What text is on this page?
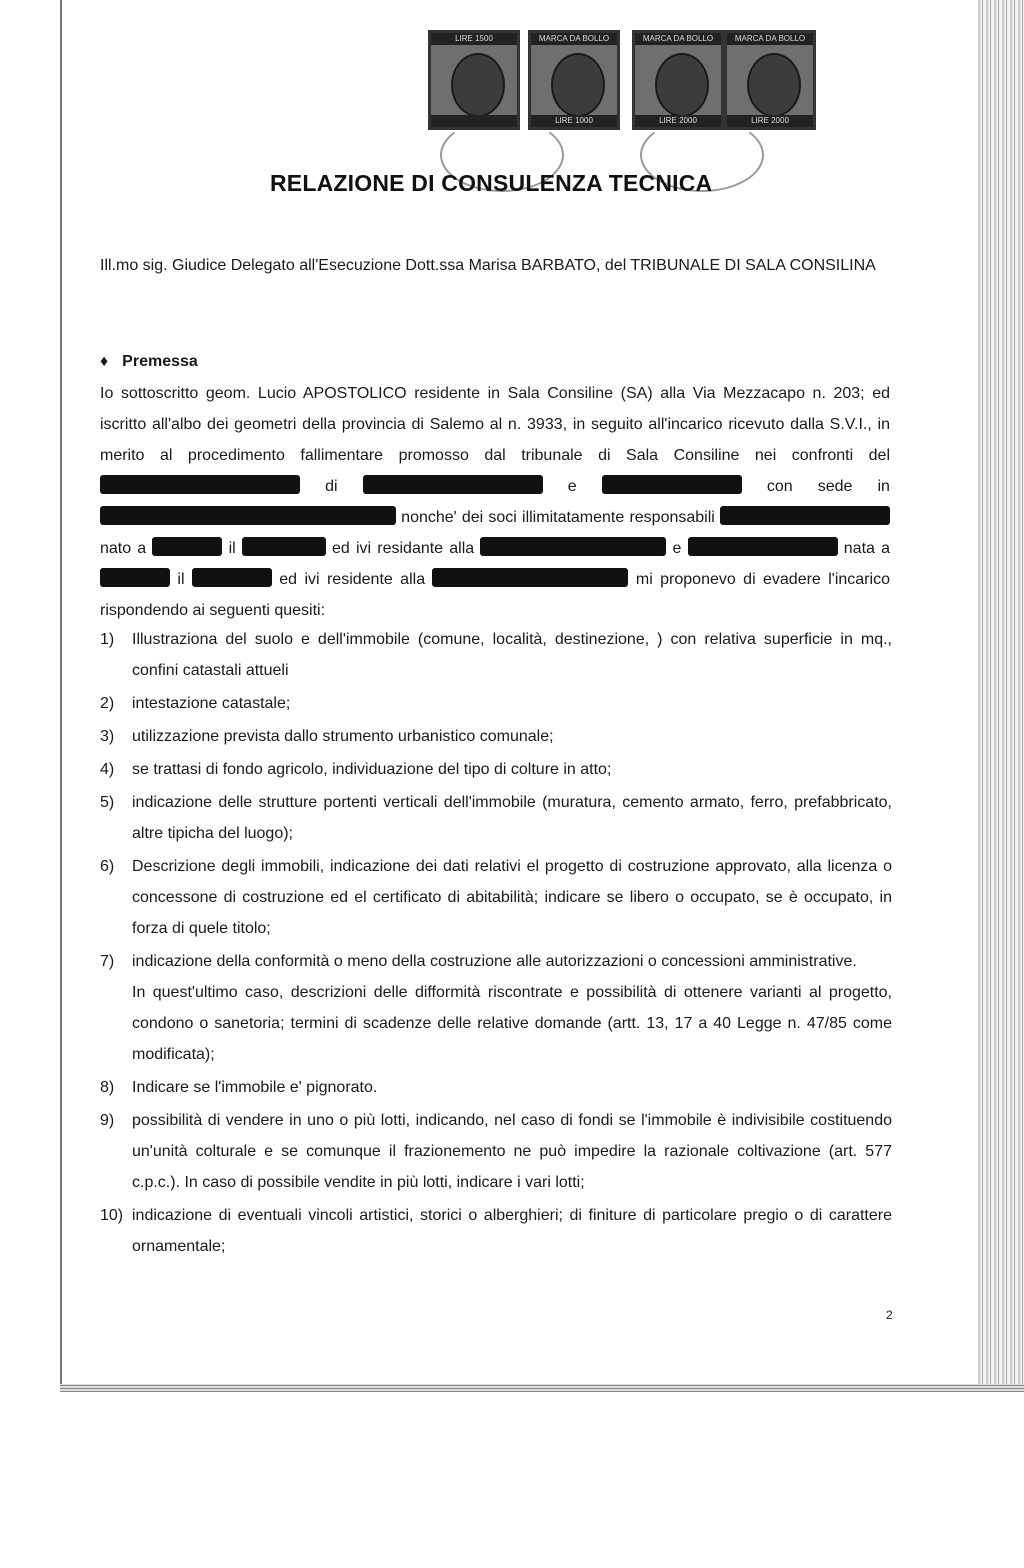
LIRE 1500	MARCA DA BOLLO
LIRE 1000
MARCA DA BOLLO
LIRE 2000
MARCA DA BOLLO
LIRE 2000
RELAZIONE DI CONSULENZA TECNICA
Ill.mo sig. Giudice Delegato all'Esecuzione Dott.ssa Marisa BARBATO, del TRIBUNALE DI SALA CONSILINA
♦ Premessa
Io sottoscritto geom. Lucio APOSTOLICO residente in Sala Consiline (SA) alla Via Mezzacapo n. 203; ed iscritto all'albo dei geometri della provincia di Salemo al n. 3933, in seguito all'incarico ricevuto dalla S.V.I., in merito al procedimento fallimentare promosso dal tribunale di Sala Consiline nei confronti del  di	e	con sede in  nonche' dei soci illimitatamente responsabili  nato a	il	ed ivi residante alla	e	nata a  il	ed ivi residente alla	mi proponevo di evadere l'incarico rispondendo ai seguenti quesiti:
1)	Illustraziona del suolo e dell'immobile (comune, località, destinezione, ) con relativa superficie in mq., confini catastali attueli
2)	intestazione catastale;
3)	utilizzazione prevista dallo strumento urbanistico comunale;
4)	se trattasi di fondo agricolo, individuazione del tipo di colture in atto;
5)	indicazione delle strutture portenti verticali dell'immobile (muratura, cemento armato, ferro, prefabbricato, altre tipicha del luogo);
6)	Descrizione degli immobili, indicazione dei dati relativi el progetto di costruzione approvato, alla licenza o concessone di costruzione ed el certificato di abitabilità; indicare se libero o occupato, se è occupato, in forza di quele titolo;
7)	indicazione della conformità o meno della costruzione alle autorizzazioni o concessioni amministrative.
In quest'ultimo caso, descrizioni delle difformità riscontrate e possibilità di ottenere varianti al progetto, condono o sanetoria; termini di scadenze delle relative domande (artt. 13, 17 a 40 Legge n. 47/85 come modificata);
8)	Indicare se l'immobile e' pignorato.
9)	possibilità di vendere in uno o più lotti, indicando, nel caso di fondi se l'immobile è indivisibile costituendo un'unità colturale e se comunque il frazionemento ne può impedire la razionale coltivazione (art. 577 c.p.c.). In caso di possibile vendite in più lotti, indicare i vari lotti;
10) indicazione di eventuali vincoli artistici, storici o alberghieri; di finiture di particolare pregio o di carattere ornamentale;
2
